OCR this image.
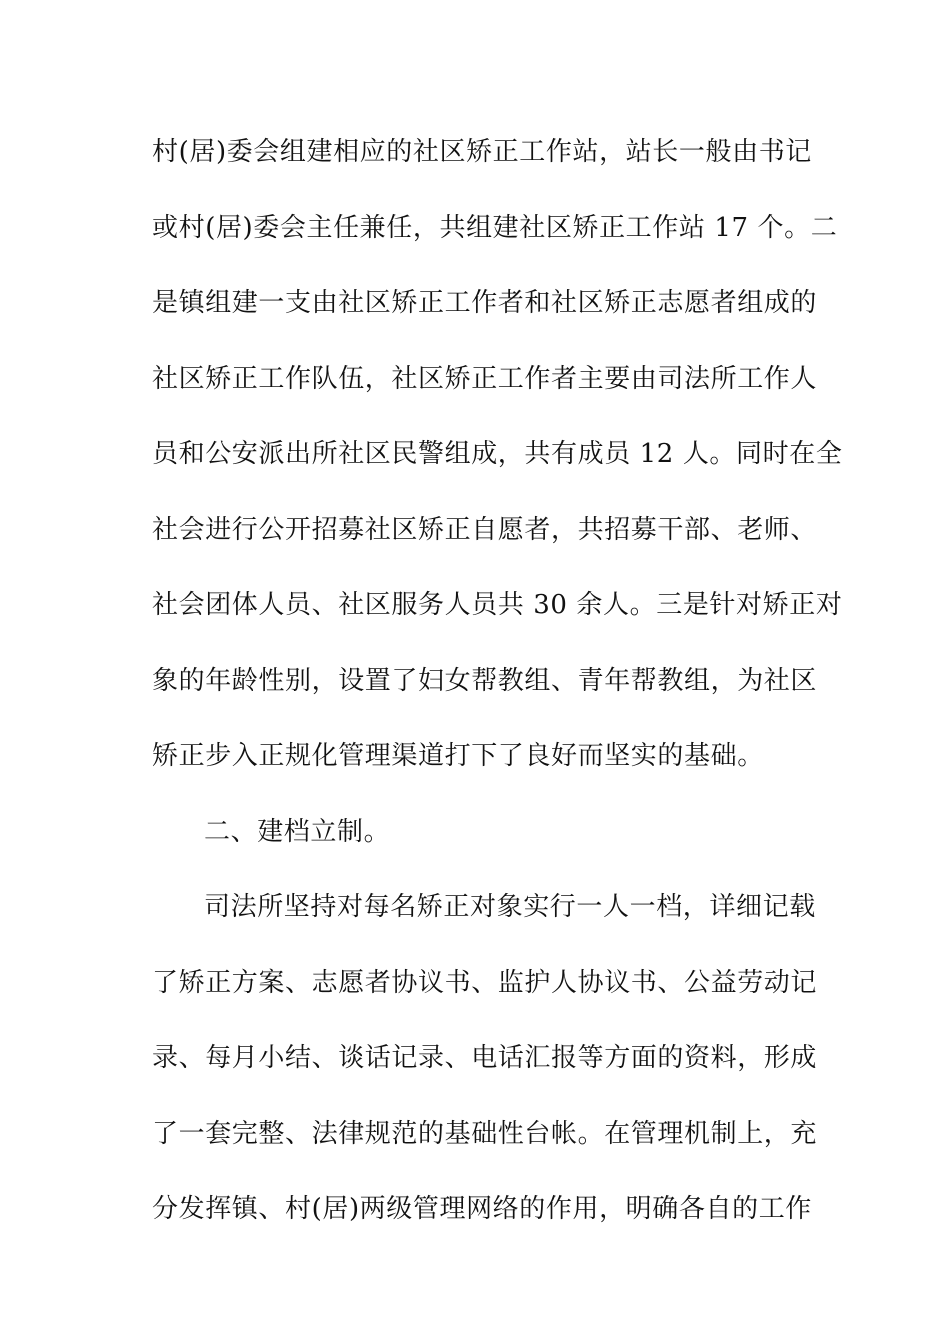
村(居)委会组建相应的社区矫正工作站，站长一般由书记
或村(居)委会主任兼任，共组建社区矫正工作站 17 个。二
是镇组建一支由社区矫正工作者和社区矫正志愿者组成的
社区矫正工作队伍，社区矫正工作者主要由司法所工作人
员和公安派出所社区民警组成，共有成员 12 人。同时在全
社会进行公开招募社区矫正自愿者，共招募干部、老师、
社会团体人员、社区服务人员共 30 余人。三是针对矫正对
象的年龄性别，设置了妇女帮教组、青年帮教组，为社区
矫正步入正规化管理渠道打下了良好而坚实的基础。
二、建档立制。
司法所坚持对每名矫正对象实行一人一档，详细记载
了矫正方案、志愿者协议书、监护人协议书、公益劳动记
录、每月小结、谈话记录、电话汇报等方面的资料，形成
了一套完整、法律规范的基础性台帐。在管理机制上，充
分发挥镇、村(居)两级管理网络的作用，明确各自的工作
